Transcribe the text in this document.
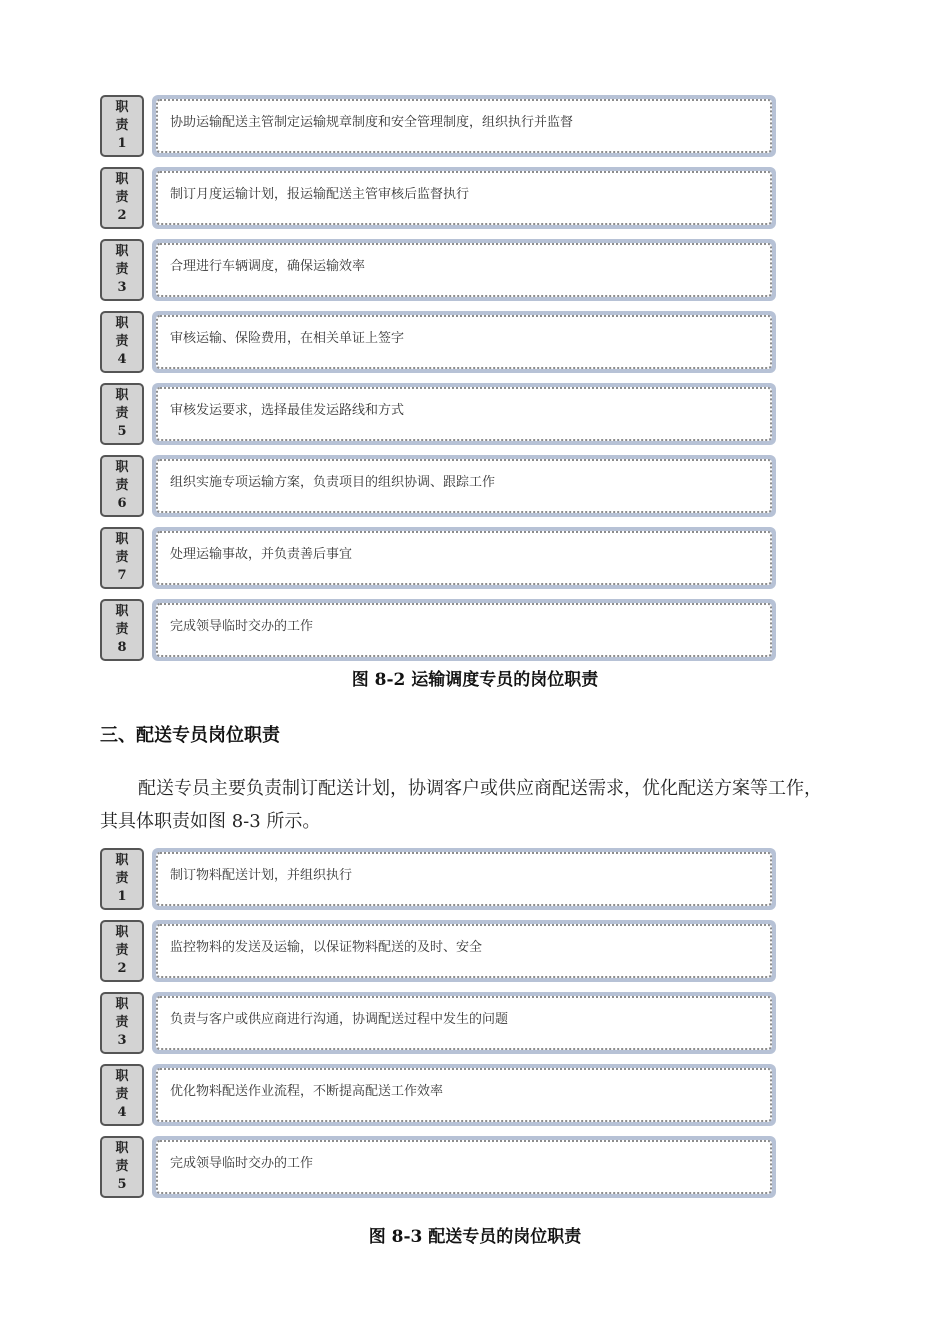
职
责
1
协助运输配送主管制定运输规章制度和安全管理制度，组织执行并监督
职
责
2
制订月度运输计划，报运输配送主管审核后监督执行
职
责
3
合理进行车辆调度，确保运输效率
职
责
4
审核运输、保险费用，在相关单证上签字
职
责
5
审核发运要求，选择最佳发运路线和方式
职
责
6
组织实施专项运输方案，负责项目的组织协调、跟踪工作
职
责
7
处理运输事故，并负责善后事宜
职
责
8
完成领导临时交办的工作
图 8-2 运输调度专员的岗位职责
三、配送专员岗位职责
配送专员主要负责制订配送计划，协调客户或供应商配送需求，优化配送方案等工作，
其具体职责如图 8-3 所示。
职
责
1
制订物料配送计划，并组织执行
职
责
2
监控物料的发送及运输，以保证物料配送的及时、安全
职
责
3
负责与客户或供应商进行沟通，协调配送过程中发生的问题
职
责
4
优化物料配送作业流程，不断提高配送工作效率
职
责
5
完成领导临时交办的工作
图 8-3 配送专员的岗位职责
